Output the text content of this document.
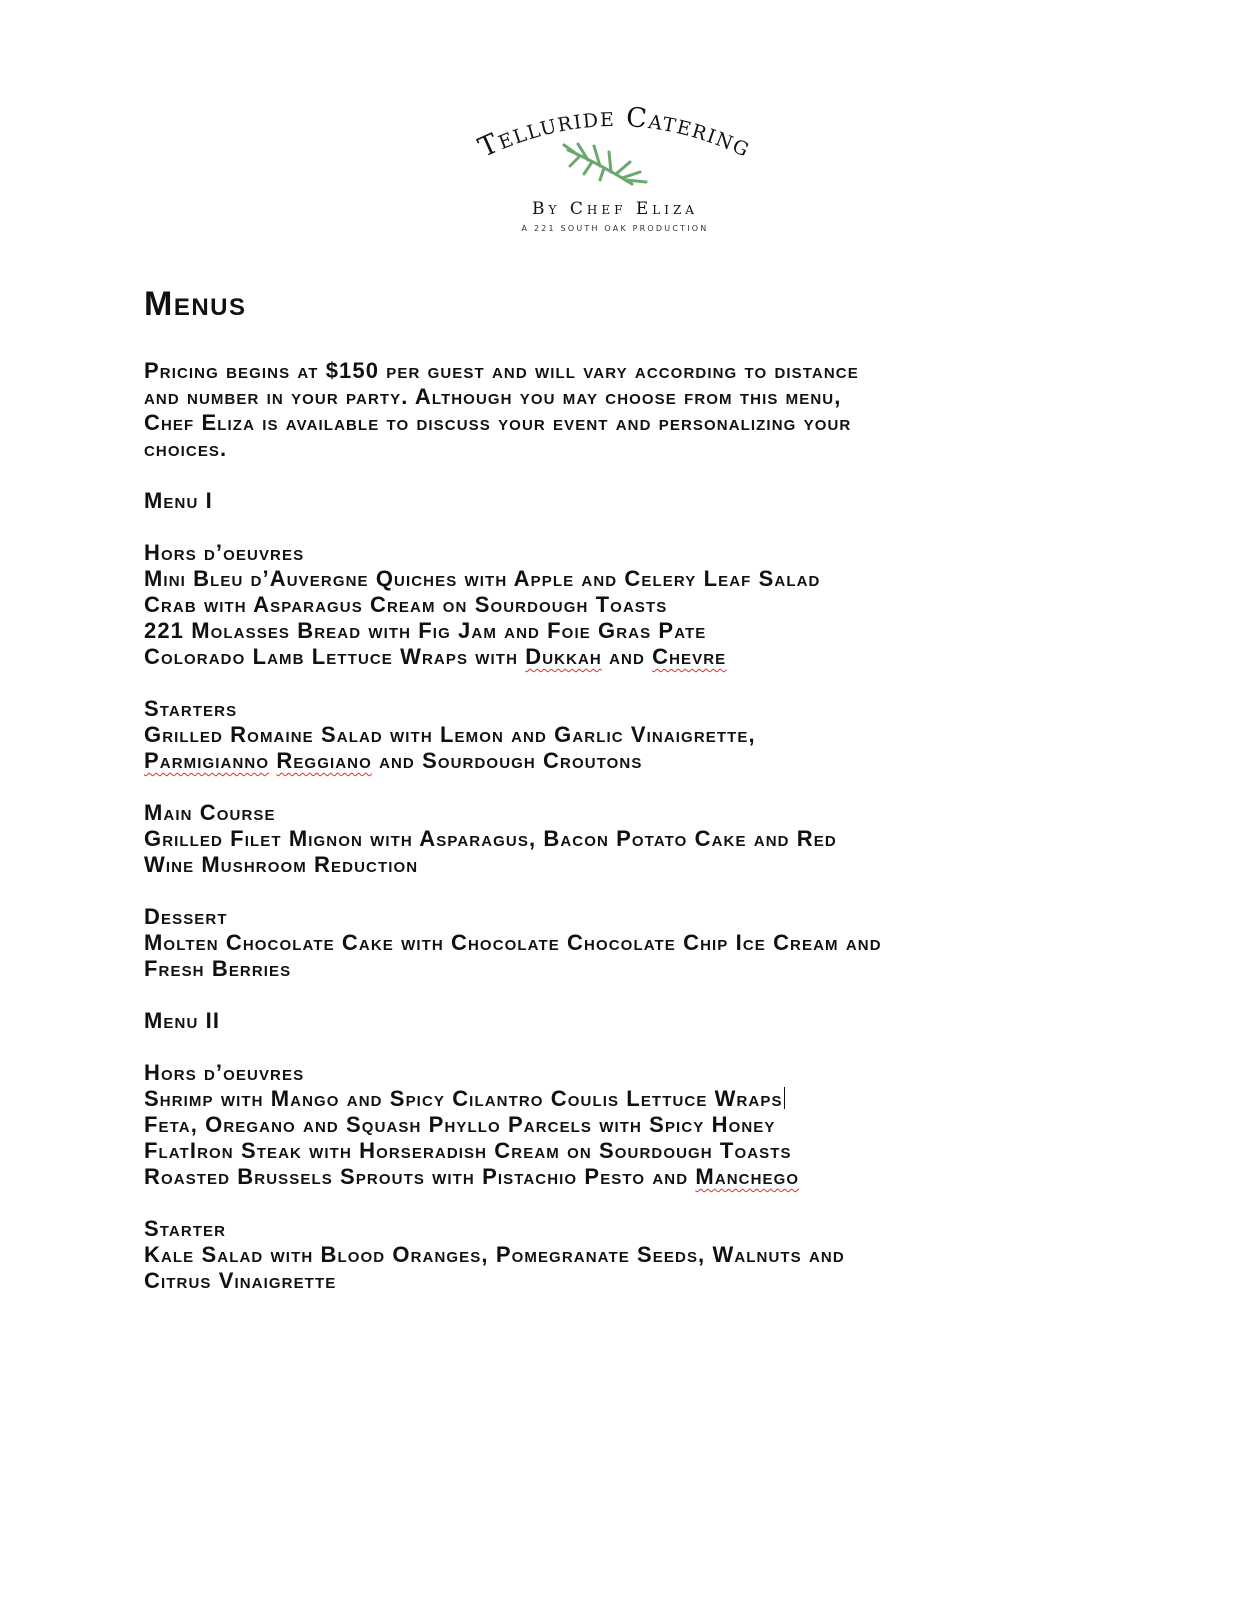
Telluride Catering
By Chef Eliza
A 221 SOUTH OAK PRODUCTION
Menus

Pricing begins at $150 per guest and will vary according to distance
and number in your party. Although you may choose from this menu,
Chef Eliza is available to discuss your event and personalizing your
choices.

Menu I

Hors d’oeuvres
Mini Bleu d’Auvergne Quiches with Apple and Celery Leaf Salad
Crab with Asparagus Cream on Sourdough Toasts
221 Molasses Bread with Fig Jam and Foie Gras Pate
Colorado Lamb Lettuce Wraps with Dukkah and Chevre
Starters
Grilled Romaine Salad with Lemon and Garlic Vinaigrette,
Parmigianno Reggiano and Sourdough Croutons
Main Course
Grilled Filet Mignon with Asparagus, Bacon Potato Cake and Red
Wine Mushroom Reduction
Dessert
Molten Chocolate Cake with Chocolate Chocolate Chip Ice Cream and
Fresh Berries

Menu II

Hors d’oeuvres
Shrimp with Mango and Spicy Cilantro Coulis Lettuce Wraps
Feta, Oregano and Squash Phyllo Parcels with Spicy Honey
FlatIron Steak with Horseradish Cream on Sourdough Toasts
Roasted Brussels Sprouts with Pistachio Pesto and Manchego
Starter
Kale Salad with Blood Oranges, Pomegranate Seeds, Walnuts and
Citrus Vinaigrette
